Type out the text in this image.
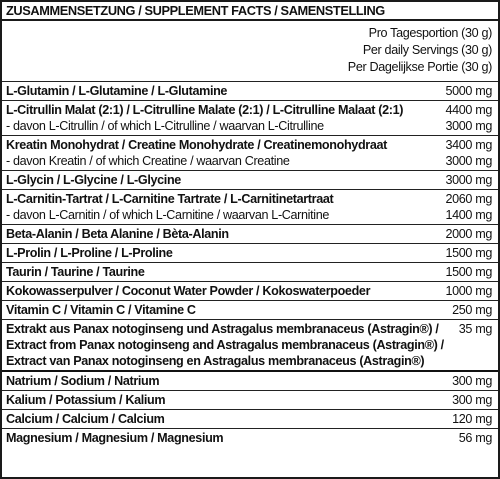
ZUSAMMENSETZUNG / SUPPLEMENT FACTS / SAMENSTELLING
Pro Tagesportion (30 g)
Per daily Servings (30 g)
Per Dagelijkse Portie (30 g)
L-Glutamin / L-Glutamine / L-Glutamine	5000 mg
L-Citrullin Malat (2:1) / L-Citrulline Malate (2:1) / L-Citrulline Malaat (2:1)	4400 mg
- davon L-Citrullin / of which L-Citrulline / waarvan L-Citrulline	3000 mg
Kreatin Monohydrat / Creatine Monohydrate / Creatinemonohydraat	3400 mg
- davon Kreatin / of which Creatine / waarvan Creatine	3000 mg
L-Glycin / L-Glycine / L-Glycine	3000 mg
L-Carnitin-Tartrat / L-Carnitine Tartrate / L-Carnitinetartraat	2060 mg
- davon L-Carnitin / of which L-Carnitine / waarvan L-Carnitine	1400 mg
Beta-Alanin / Beta Alanine / Bèta-Alanin	2000 mg
L-Prolin / L-Proline / L-Proline	1500 mg
Taurin / Taurine / Taurine	1500 mg
Kokowasserpulver / Coconut Water Powder / Kokoswaterpoeder	1000 mg
Vitamin C / Vitamin C / Vitamine C	250 mg
Extrakt aus Panax notoginseng und Astragalus membranaceus (Astragin®) / 35 mg
Extract from Panax notoginseng and Astragalus membranaceus (Astragin®) /
Extract van Panax notoginseng en Astragalus membranaceus (Astragin®)
Natrium / Sodium / Natrium	300 mg
Kalium / Potassium / Kalium	300 mg
Calcium / Calcium / Calcium	120 mg
Magnesium / Magnesium / Magnesium	56 mg
